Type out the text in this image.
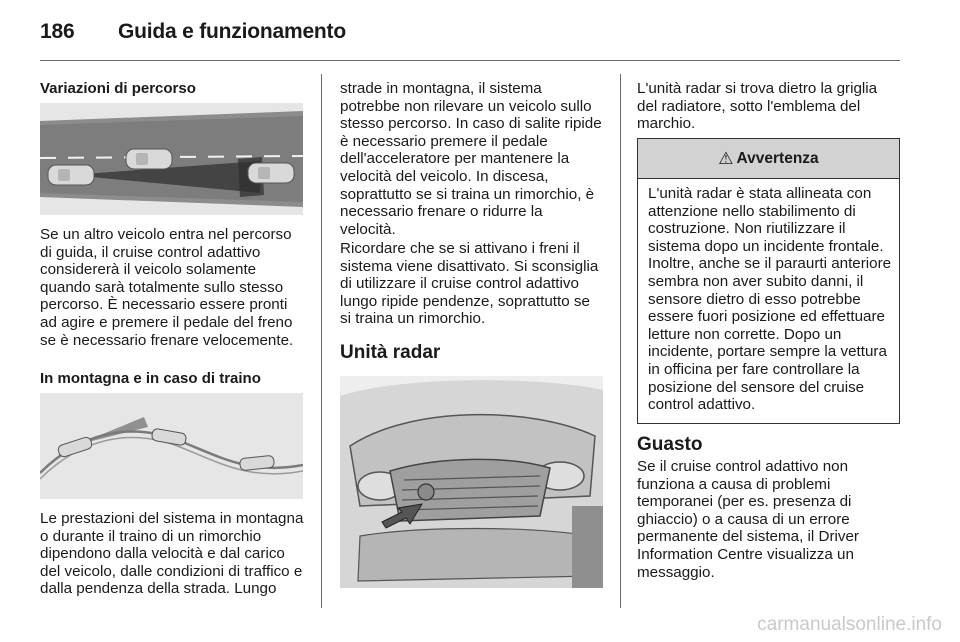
186 Guida e funzionamento

Variazioni di percorso

Se un altro veicolo entra nel percorso di guida, il cruise control adattivo considererà il veicolo solamente quando sarà totalmente sullo stesso percorso. È necessario essere pronti ad agire e premere il pedale del freno se è necessario frenare velocemente.

In montagna e in caso di traino

Le prestazioni del sistema in montagna o durante il traino di un rimorchio dipendono dalla velocità e dal carico del veicolo, dalle condizioni di traffico e dalla pendenza della strada. Lungo

strade in montagna, il sistema potrebbe non rilevare un veicolo sullo stesso percorso. In caso di salite ripide è necessario premere il pedale dell'acceleratore per mantenere la velocità del veicolo. In discesa, soprattutto se si traina un rimorchio, è necessario frenare o ridurre la velocità.

Ricordare che se si attivano i freni il sistema viene disattivato. Si sconsiglia di utilizzare il cruise control adattivo lungo ripide pendenze, soprattutto se si traina un rimorchio.

Unità radar

L'unità radar si trova dietro la griglia del radiatore, sotto l'emblema del marchio.

⚠ Avvertenza
L'unità radar è stata allineata con attenzione nello stabilimento di costruzione. Non riutilizzare il sistema dopo un incidente frontale. Inoltre, anche se il paraurti anteriore sembra non aver subito danni, il sensore dietro di esso potrebbe essere fuori posizione ed effettuare letture non corrette. Dopo un incidente, portare sempre la vettura in officina per fare controllare la posizione del sensore del cruise control adattivo.
Guasto

Se il cruise control adattivo non funziona a causa di problemi temporanei (per es. presenza di ghiaccio) o a causa di un errore permanente del sistema, il Driver Information Centre visualizza un messaggio.

carmanualsonline.info
